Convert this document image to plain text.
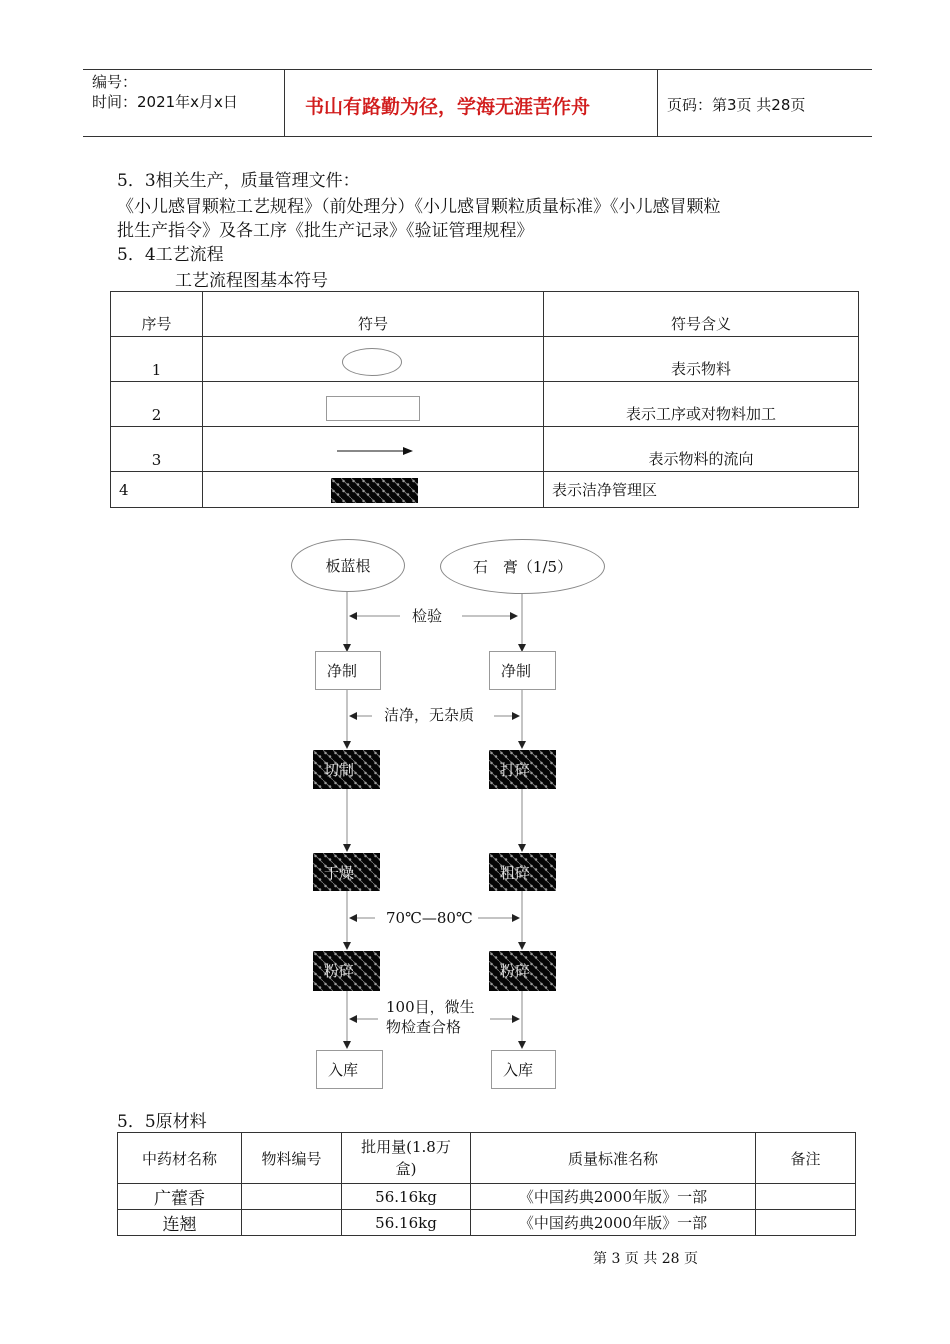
编号：
时间：2021年x月x日	书山有路勤为径，学海无涯苦作舟	页码：第3页 共28页
5．3相关生产，质量管理文件：
《小儿感冒颗粒工艺规程》（前处理分）《小儿感冒颗粒质量标准》《小儿感冒颗粒
批生产指令》及各工序《批生产记录》《验证管理规程》
5．4工艺流程
工艺流程图基本符号
序号	符号	符号含义
1		表示物料
2		表示工序或对物料加工
3		表示物料的流向
4		表示洁净管理区
板蓝根	石　膏（1/5）
检验
净制	净制
洁净，无杂质
切制	打碎
干燥	粗碎
70℃—80℃
粉碎	粉碎
100目，微生
物检查合格
入库	入库
5．5原材料
中药材名称	物料编号	批用量(1.8万
盒)	质量标准名称	备注
广藿香		56.16kg	《中国药典2000年版》一部	
连翘		56.16kg	《中国药典2000年版》一部	
第 3 页 共 28 页
